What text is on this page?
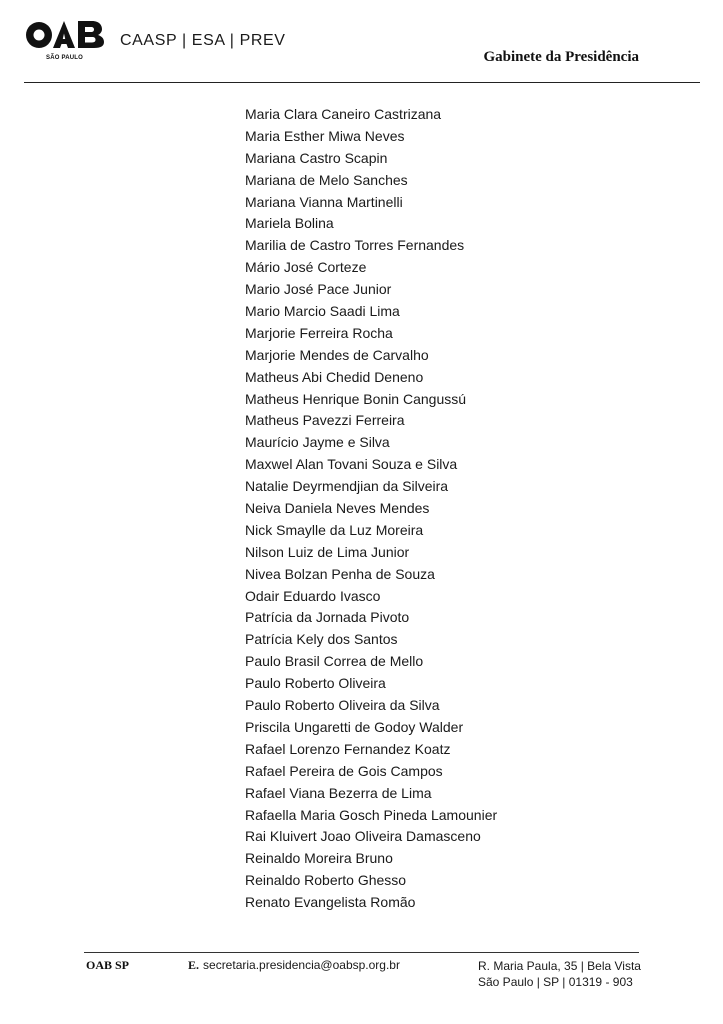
SÃO PAULO
CAASP | ESA | PREV
Gabinete da Presidência
Maria Clara Caneiro Castrizana
Maria Esther Miwa Neves
Mariana Castro Scapin
Mariana de Melo Sanches
Mariana Vianna Martinelli
Mariela Bolina
Marilia de Castro Torres Fernandes
Mário José Corteze
Mario José Pace Junior
Mario Marcio Saadi Lima
Marjorie Ferreira Rocha
Marjorie Mendes de Carvalho
Matheus Abi Chedid Deneno
Matheus Henrique Bonin Cangussú
Matheus Pavezzi Ferreira
Maurício Jayme e Silva
Maxwel Alan Tovani Souza e Silva
Natalie Deyrmendjian da Silveira
Neiva Daniela Neves Mendes
Nick Smaylle da Luz Moreira
Nilson Luiz de Lima Junior
Nivea Bolzan Penha de Souza
Odair Eduardo Ivasco
Patrícia da Jornada Pivoto
Patrícia Kely dos Santos
Paulo Brasil Correa de Mello
Paulo Roberto Oliveira
Paulo Roberto Oliveira da Silva
Priscila Ungaretti de Godoy Walder
Rafael Lorenzo Fernandez Koatz
Rafael Pereira de Gois Campos
Rafael Viana Bezerra de Lima
Rafaella Maria Gosch Pineda Lamounier
Rai Kluivert Joao Oliveira Damasceno
Reinaldo Moreira Bruno
Reinaldo Roberto Ghesso
Renato Evangelista Romão
OAB SP	E. secretaria.presidencia@oabsp.org.br	R. Maria Paula, 35 | Bela Vista
São Paulo | SP | 01319 - 903
